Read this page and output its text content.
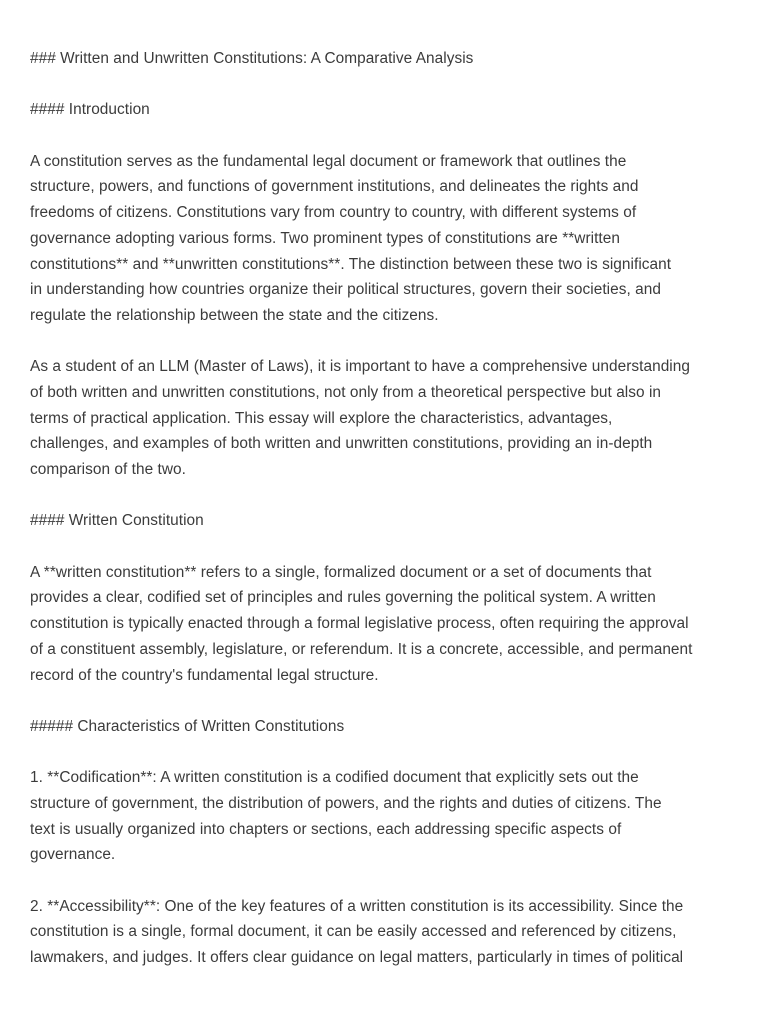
### Written and Unwritten Constitutions: A Comparative Analysis
#### Introduction
A constitution serves as the fundamental legal document or framework that outlines the
structure, powers, and functions of government institutions, and delineates the rights and
freedoms of citizens. Constitutions vary from country to country, with different systems of
governance adopting various forms. Two prominent types of constitutions are **written
constitutions** and **unwritten constitutions**. The distinction between these two is significant
in understanding how countries organize their political structures, govern their societies, and
regulate the relationship between the state and the citizens.
As a student of an LLM (Master of Laws), it is important to have a comprehensive understanding
of both written and unwritten constitutions, not only from a theoretical perspective but also in
terms of practical application. This essay will explore the characteristics, advantages,
challenges, and examples of both written and unwritten constitutions, providing an in-depth
comparison of the two.
#### Written Constitution
A **written constitution** refers to a single, formalized document or a set of documents that
provides a clear, codified set of principles and rules governing the political system. A written
constitution is typically enacted through a formal legislative process, often requiring the approval
of a constituent assembly, legislature, or referendum. It is a concrete, accessible, and permanent
record of the country's fundamental legal structure.
##### Characteristics of Written Constitutions
1. **Codification**: A written constitution is a codified document that explicitly sets out the
structure of government, the distribution of powers, and the rights and duties of citizens. The
text is usually organized into chapters or sections, each addressing specific aspects of
governance.
2. **Accessibility**: One of the key features of a written constitution is its accessibility. Since the
constitution is a single, formal document, it can be easily accessed and referenced by citizens,
lawmakers, and judges. It offers clear guidance on legal matters, particularly in times of political
